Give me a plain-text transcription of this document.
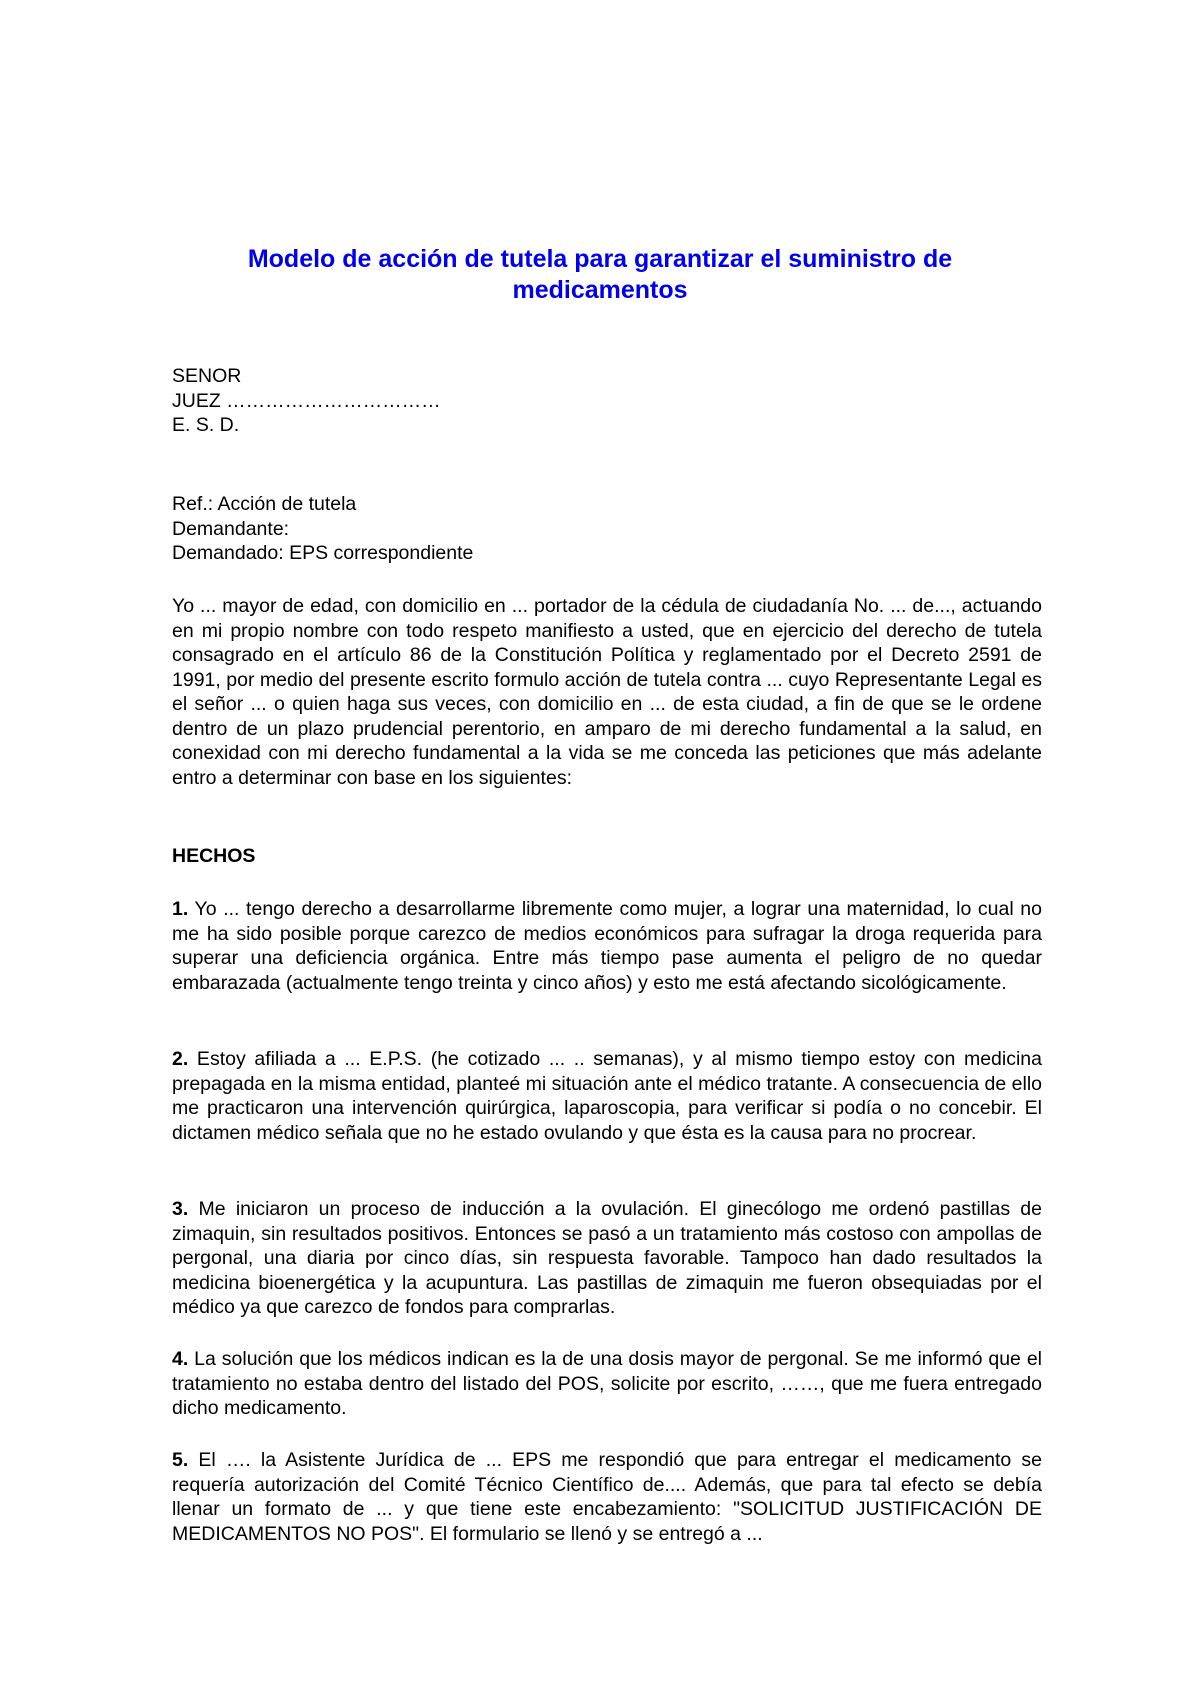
Modelo de acción de tutela para garantizar el suministro de
medicamentos
SENOR
JUEZ ……………………………
E. S. D.
Ref.: Acción de tutela
Demandante:
Demandado: EPS correspondiente
Yo ... mayor de edad, con domicilio en ... portador de la cédula de ciudadanía No. ... de..., actuando en mi propio nombre con todo respeto manifiesto a usted, que en ejercicio del derecho de tutela consagrado en el artículo 86 de la Constitución Política y reglamentado por el Decreto 2591 de 1991, por medio del presente escrito formulo acción de tutela contra ... cuyo Representante Legal es el señor ... o quien haga sus veces, con domicilio en ... de esta ciudad, a fin de que se le ordene dentro de un plazo prudencial perentorio, en amparo de mi derecho fundamental a la salud, en conexidad con mi derecho fundamental a la vida se me conceda las peticiones que más adelante entro a determinar con base en los siguientes:
HECHOS
1. Yo ... tengo derecho a desarrollarme libremente como mujer, a lograr una maternidad, lo cual no me ha sido posible porque carezco de medios económicos para sufragar la droga requerida para superar una deficiencia orgánica. Entre más tiempo pase aumenta el peligro de no quedar embarazada (actualmente tengo treinta y cinco años) y esto me está afectando sicológicamente.
2. Estoy afiliada a ... E.P.S. (he cotizado ... .. semanas), y al mismo tiempo estoy con medicina prepagada en la misma entidad, planteé mi situación ante el médico tratante. A consecuencia de ello me practicaron una intervención quirúrgica, laparoscopia, para verificar si podía o no concebir. El dictamen médico señala que no he estado ovulando y que ésta es la causa para no procrear.
3. Me iniciaron un proceso de inducción a la ovulación. El ginecólogo me ordenó pastillas de zimaquin, sin resultados positivos. Entonces se pasó a un tratamiento más costoso con ampollas de pergonal, una diaria por cinco días, sin respuesta favorable. Tampoco han dado resultados la medicina bioenergética y la acupuntura. Las pastillas de zimaquin me fueron obsequiadas por el médico ya que carezco de fondos para comprarlas.
4. La solución que los médicos indican es la de una dosis mayor de pergonal. Se me informó que el tratamiento no estaba dentro del listado del POS, solicite por escrito, ……, que me fuera entregado dicho medicamento.
5. El …. la Asistente Jurídica de ... EPS me respondió que para entregar el medicamento se requería autorización del Comité Técnico Científico de.... Además, que para tal efecto se debía llenar un formato de ... y que tiene este encabezamiento: "SOLICITUD JUSTIFICACIÓN DE MEDICAMENTOS NO POS". El formulario se llenó y se entregó a ...
